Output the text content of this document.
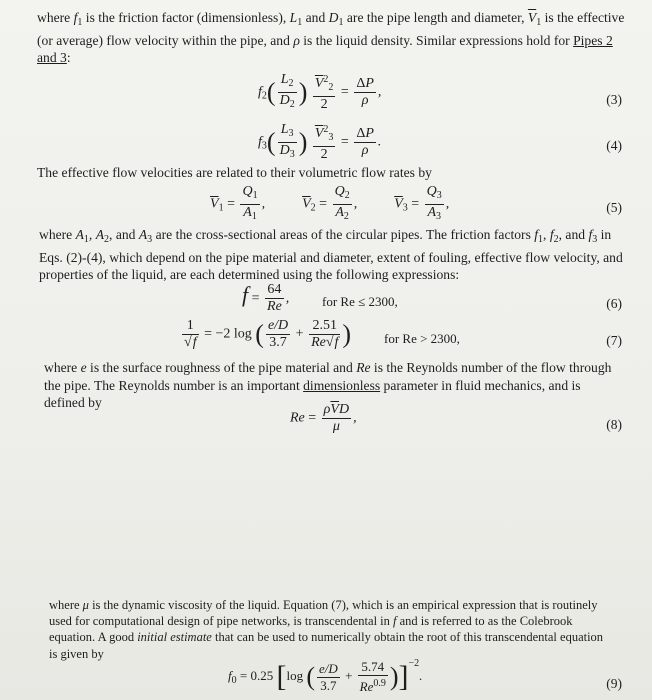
where $f_1$ is the friction factor (dimensionless), $L_1$ and $D_1$ are the pipe length and diameter, $\overline{V}_1$ is the effective (or average) flow velocity within the pipe, and ρ is the liquid density. Similar expressions hold for Pipes 2 and 3:

$f_2( \frac{L_2}{D_2}$ ) $\frac{\overline{V}^2_2}{2} = \frac{\Delta P}{\rho}$ ,	(3)
$f_3( \frac{L_3}{D_3}$ ) $\frac{\overline{V}^2_3}{2} = \frac{\Delta P}{\rho}$ .	(4)

The effective flow velocities are related to their volumetric flow rates by

$\overline{V}_1 = \frac{Q_1}{A_1}$ ,  $\overline{V}_2 = \frac{Q_2}{A_2}$ ,  $\overline{V}_3 = \frac{Q_3}{A_3}$ ,	(5)

where $A_1$, $A_2$, and $A_3$ are the cross-sectional areas of the circular pipes. The friction factors $f_1$, $f_2$, and $f_3$ in Eqs. (2)-(4), which depend on the pipe material and diameter, extent of fouling, effective flow velocity, and properties of the liquid, are each determined using the following expressions:

$f = \frac{64}{Re}$ ,	for Re ≤ 2300,	(6)
$\frac{1}{√f} = -2$ log ( $\frac{e/D}{3.7} + \frac{2.51}{Re√f}$ )	for Re > 2300,	(7)

where e is the surface roughness of the pipe material and Re is the Reynolds number of the flow through the pipe. The Reynolds number is an important dimensionless parameter in fluid mechanics, and is defined by

$Re = \frac{\rho\overline{V}D}{\mu}$ ,	(8)

where μ is the dynamic viscosity of the liquid. Equation (7), which is an empirical expression that is routinely used for computational design of pipe networks, is transcendental in f and is referred to as the Colebrook equation. A good initial estimate that can be used to numerically obtain the root of this transcendental equation is given by

$f_0 = 0.25$ [log ( $\frac{e/D}{3.7} + \frac{5.74}{Re^{0.9}} )]^{-2}$.
(9)
